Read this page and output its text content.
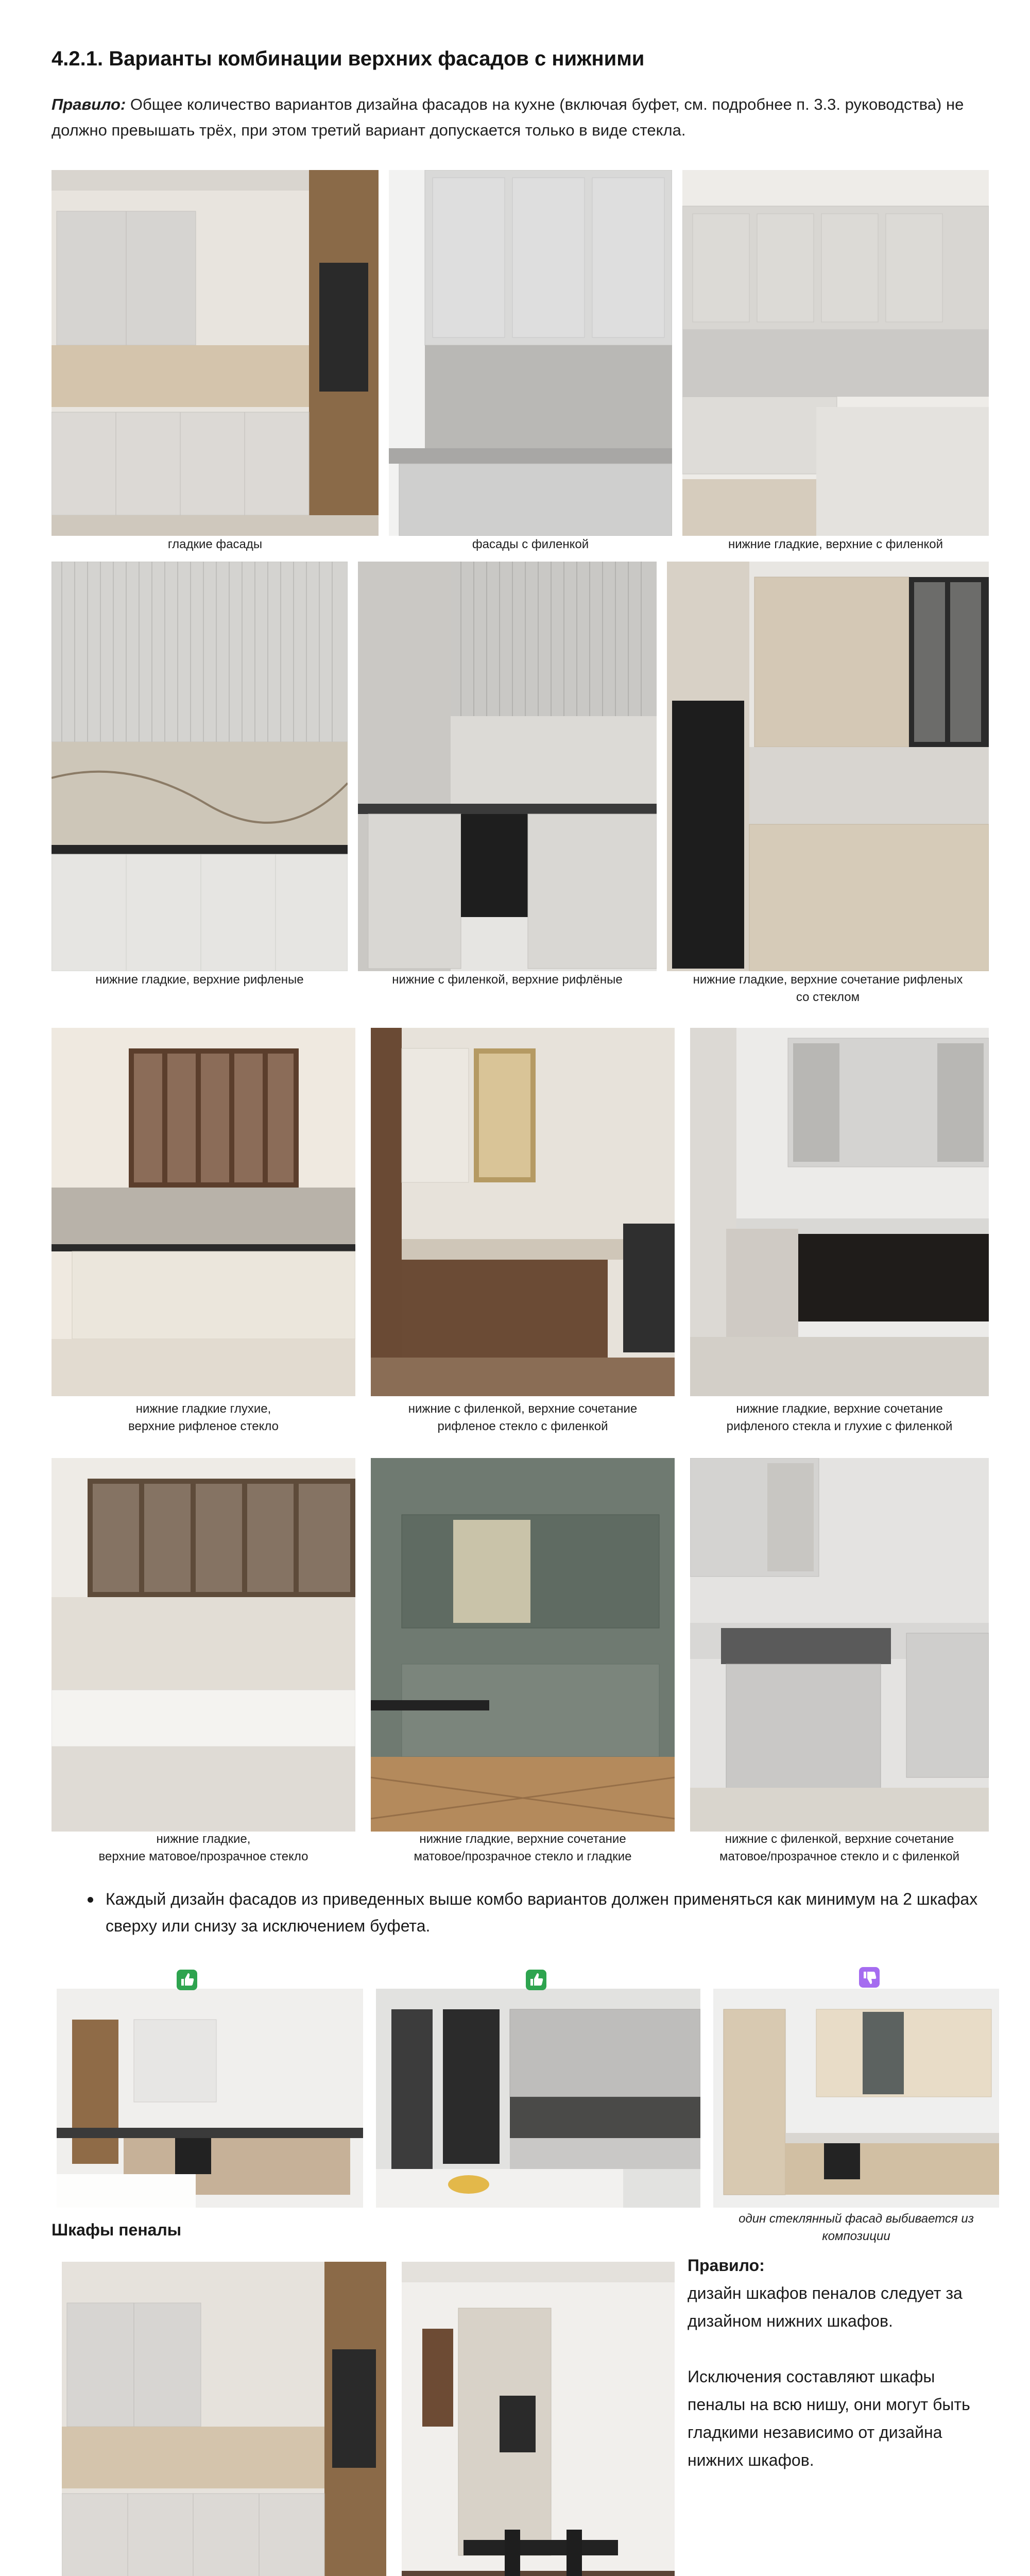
4.2.1. Варианты комбинации верхних фасадов с нижними

Правило: Общее количество вариантов дизайна фасадов на кухне (включая буфет, см. подробнее п. 3.3. руководства) не должно превышать трёх, при этом третий вариант допускается только в виде стекла.

гладкие фасады	фасады с филенкой	нижние гладкие, верхние с филенкой
нижние гладкие, верхние рифленые	нижние с филенкой, верхние рифлёные	нижние гладкие, верхние сочетание рифленых
со стеклом
нижние гладкие глухие,
верхние рифленое стекло
нижние с филенкой, верхние сочетание
рифленое стекло с филенкой
нижние гладкие, верхние сочетание
рифленого стекла и глухие с филенкой
нижние гладкие,
верхние матовое/прозрачное стекло
нижние гладкие, верхние сочетание
матовое/прозрачное стекло и гладкие
нижние с филенкой, верхние сочетание
матовое/прозрачное стекло и с филенкой
Каждый дизайн фасадов из приведенных выше комбо вариантов должен применяться как минимум на 2 шкафах сверху или снизу за исключением буфета.
один стеклянный фасад выбивается из
композиции
Шкафы пеналы
Правило:
дизайн шкафов пеналов следует за дизайном нижних шкафов.
Исключения составляют шкафы пеналы на всю нишу, они могут быть гладкими независимо от дизайна нижних шкафов.
